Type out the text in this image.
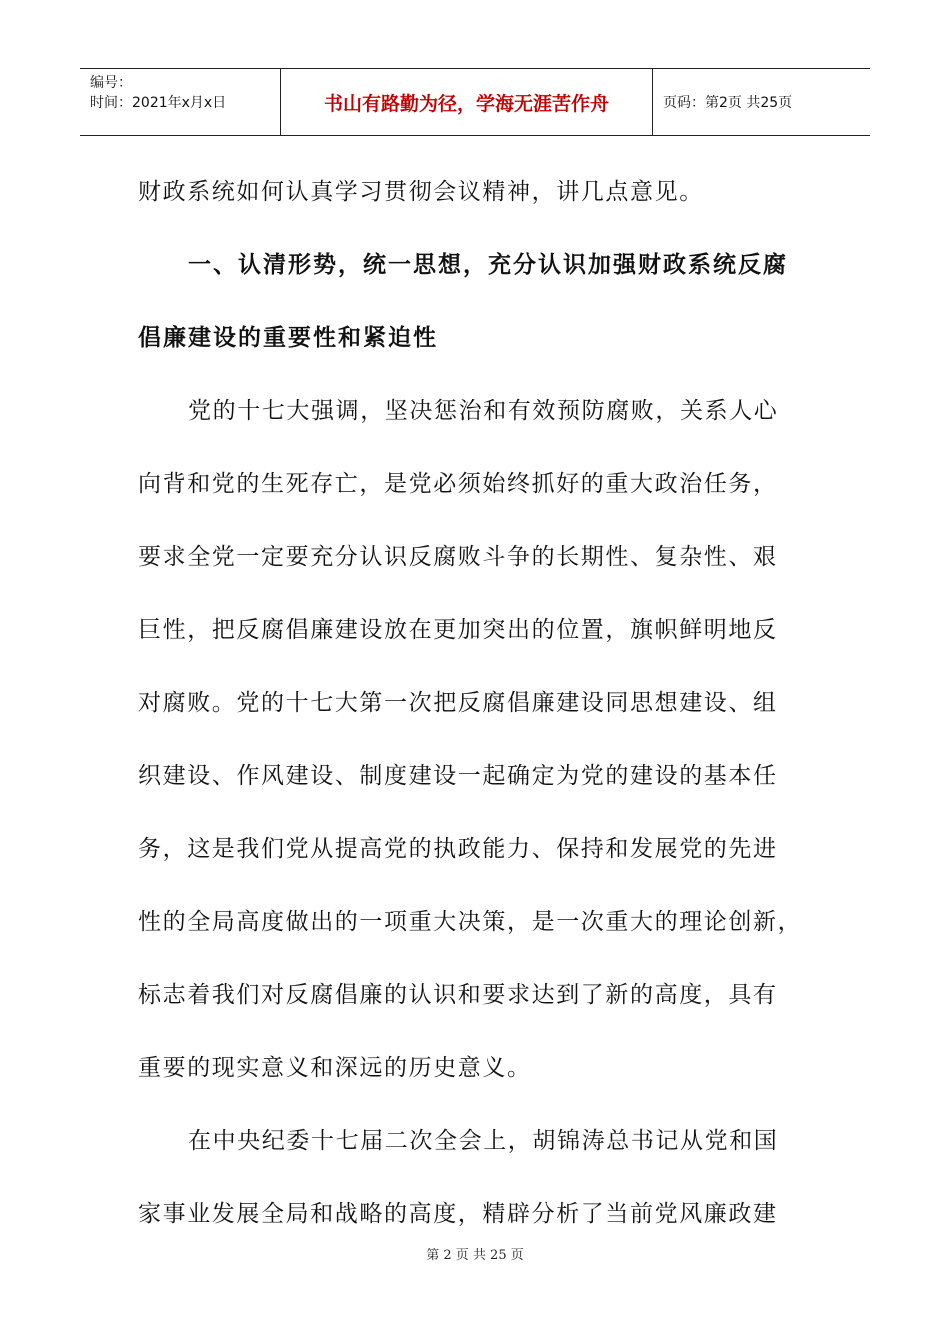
编号：
时间：2021年x月x日	书山有路勤为径，学海无涯苦作舟	页码：第2页 共25页
财政系统如何认真学习贯彻会议精神，讲几点意见。
一、认清形势，统一思想，充分认识加强财政系统反腐
倡廉建设的重要性和紧迫性
党的十七大强调，坚决惩治和有效预防腐败，关系人心
向背和党的生死存亡，是党必须始终抓好的重大政治任务，
要求全党一定要充分认识反腐败斗争的长期性、复杂性、艰
巨性，把反腐倡廉建设放在更加突出的位置，旗帜鲜明地反
对腐败。党的十七大第一次把反腐倡廉建设同思想建设、组
织建设、作风建设、制度建设一起确定为党的建设的基本任
务，这是我们党从提高党的执政能力、保持和发展党的先进
性的全局高度做出的一项重大决策，是一次重大的理论创新，
标志着我们对反腐倡廉的认识和要求达到了新的高度，具有
重要的现实意义和深远的历史意义。
在中央纪委十七届二次全会上，胡锦涛总书记从党和国
家事业发展全局和战略的高度，精辟分析了当前党风廉政建
第 2 页 共 25 页
